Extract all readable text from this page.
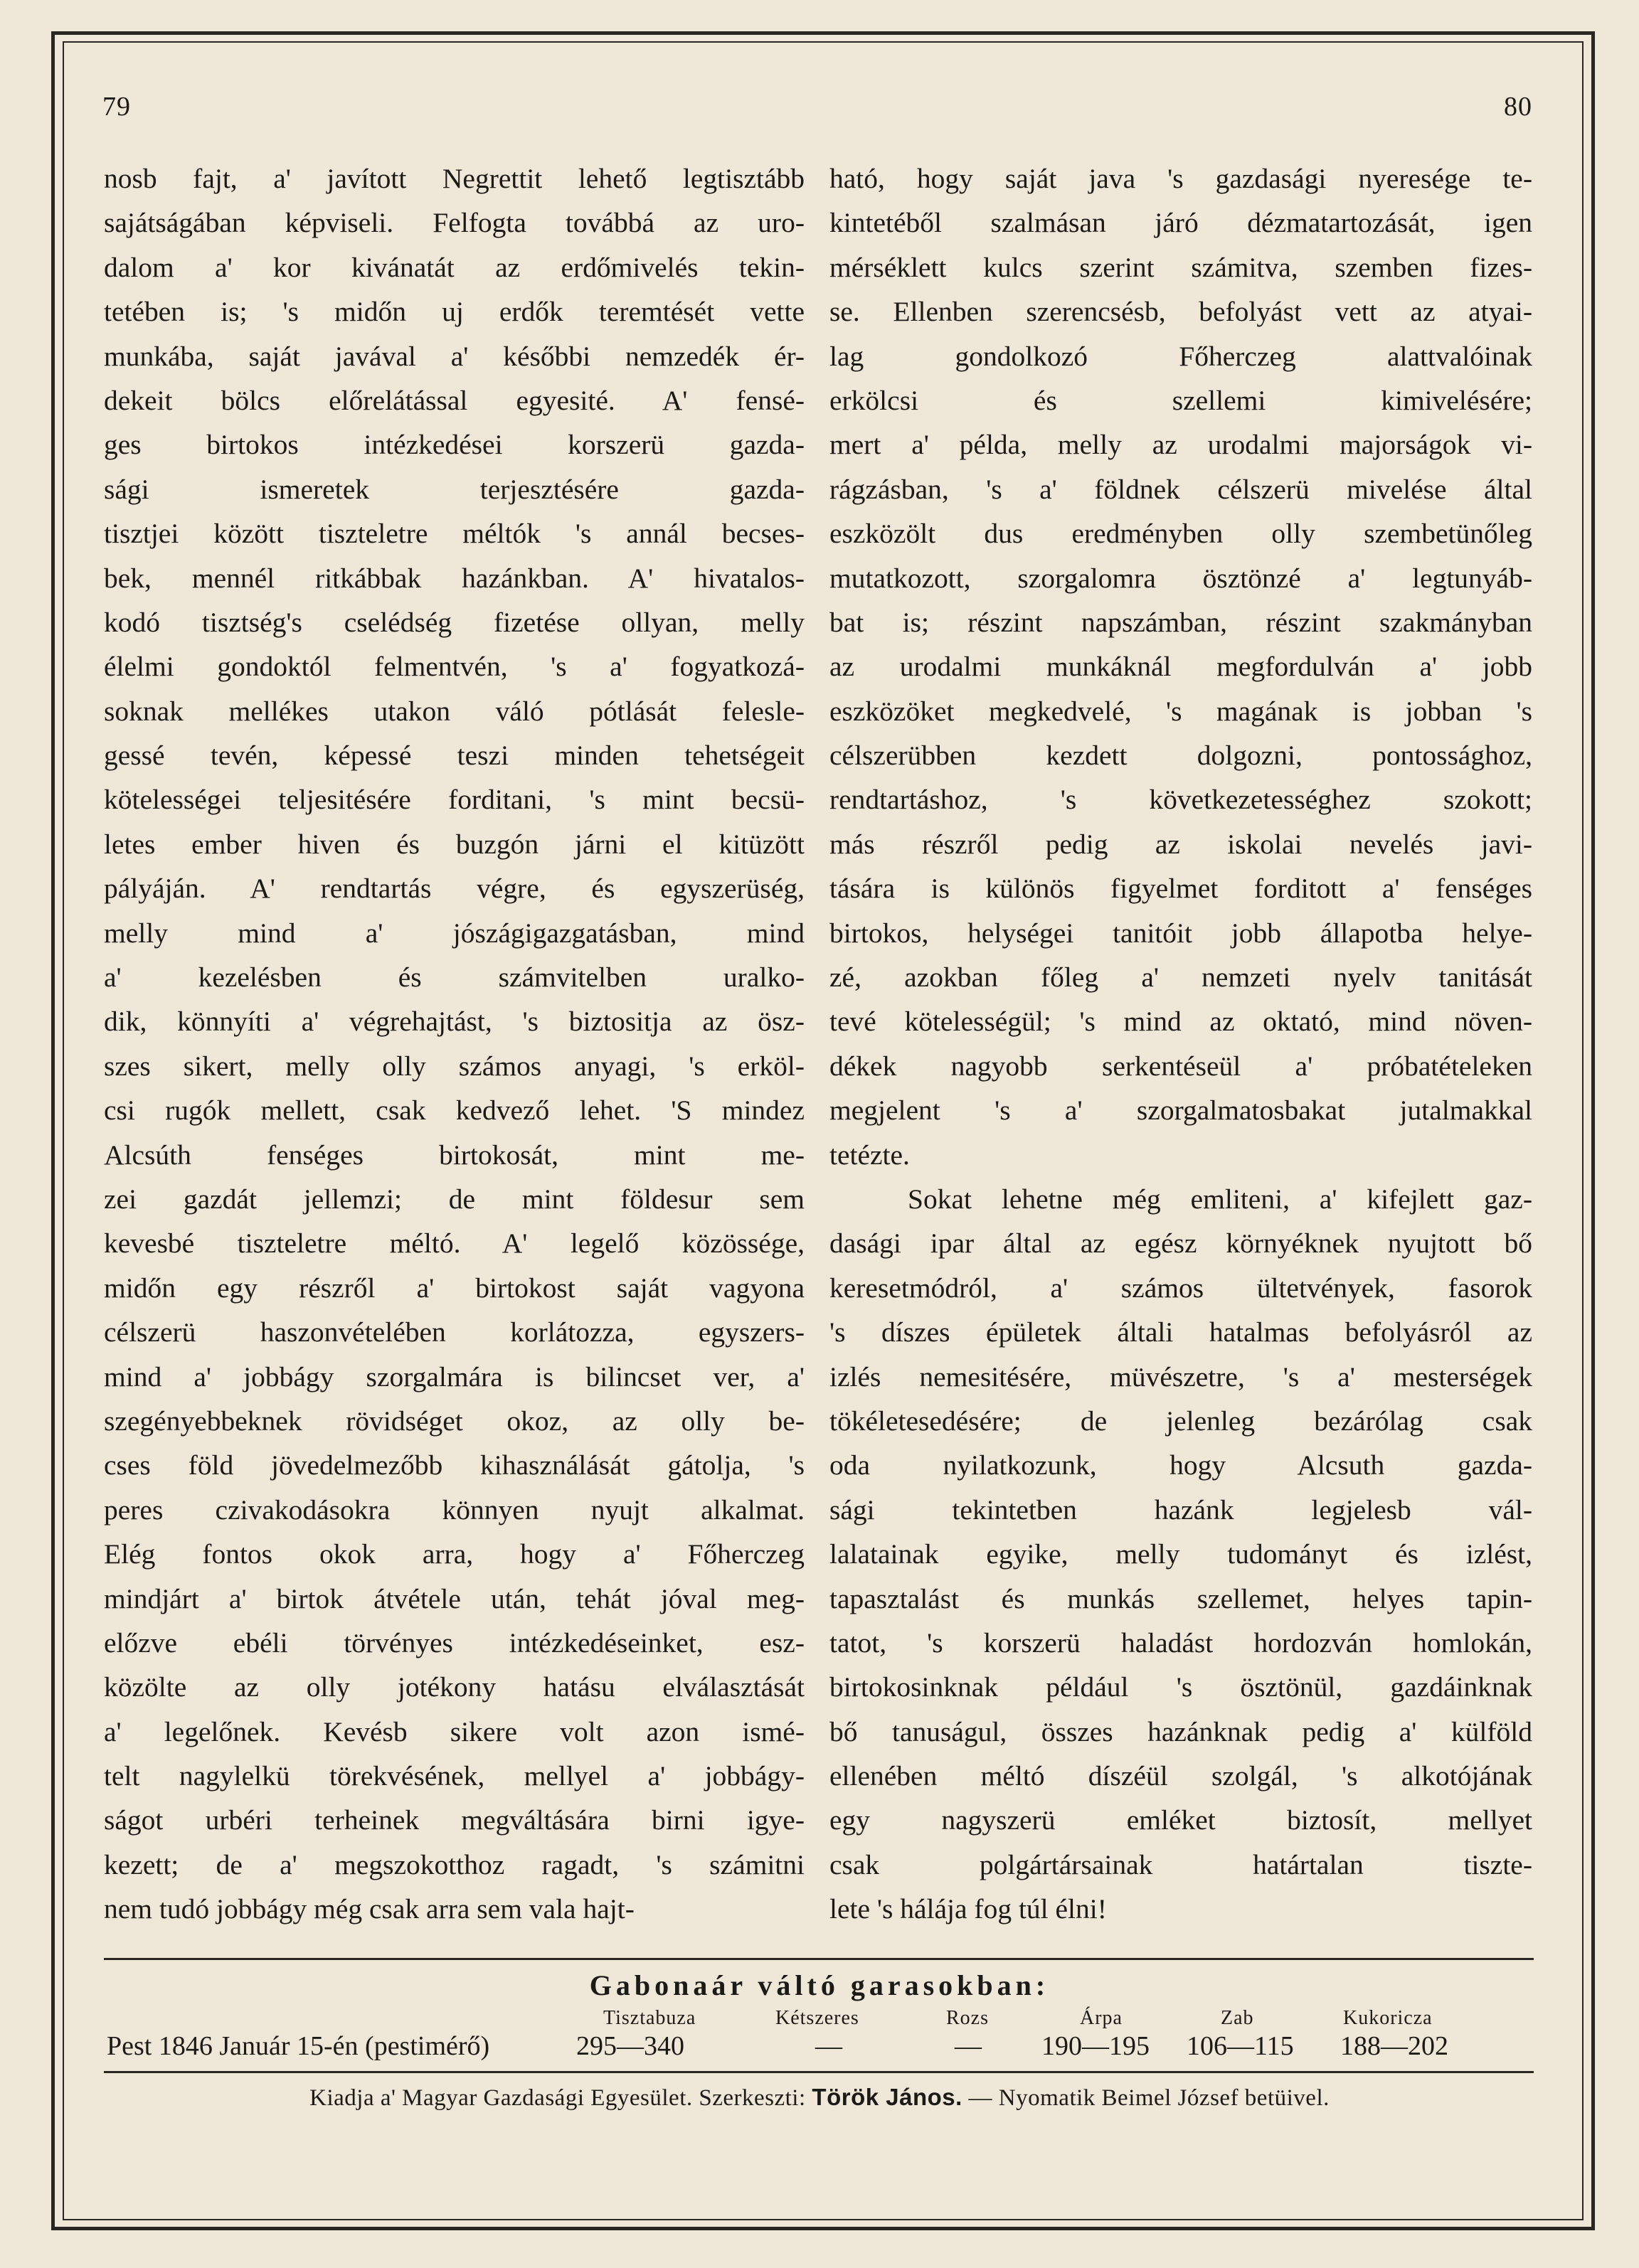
79	80
nosb fajt, a' javított Negrettit lehető legtisztább
sajátságában képviseli. Felfogta továbbá az uro-
dalom a' kor kivánatát az erdőmivelés tekin-
tetében is; 's midőn uj erdők teremtését vette
munkába, saját javával a' későbbi nemzedék ér-
dekeit bölcs előrelátással egyesité. A' fensé-
ges birtokos intézkedései korszerü gazda-
sági ismeretek terjesztésére gazda-
tisztjei között tiszteletre méltók 's annál becses-
bek, mennél ritkábbak hazánkban. A' hivatalos-
kodó tisztség's cselédség fizetése ollyan, melly
élelmi gondoktól felmentvén, 's a' fogyatkozá-
soknak mellékes utakon váló pótlását felesle-
gessé tevén, képessé teszi minden tehetségeit
kötelességei teljesitésére forditani, 's mint becsü-
letes ember hiven és buzgón járni el kitüzött
pályáján. A' rendtartás végre, és egyszerüség,
melly mind a' jószágigazgatásban, mind
a' kezelésben és számvitelben uralko-
dik, könnyíti a' végrehajtást, 's biztositja az ösz-
szes sikert, melly olly számos anyagi, 's erköl-
csi rugók mellett, csak kedvező lehet. 'S mindez
Alcsúth fenséges birtokosát, mint me-
zei gazdát jellemzi; de mint földesur sem
kevesbé tiszteletre méltó. A' legelő közössége,
midőn egy részről a' birtokost saját vagyona
célszerü haszonvételében korlátozza, egyszers-
mind a' jobbágy szorgalmára is bilincset ver, a'
szegényebbeknek rövidséget okoz, az olly be-
cses föld jövedelmezőbb kihasználását gátolja, 's
peres czivakodásokra könnyen nyujt alkalmat.
Elég fontos okok arra, hogy a' Főherczeg
mindjárt a' birtok átvétele után, tehát jóval meg-
előzve ebéli törvényes intézkedéseinket, esz-
közölte az olly jotékony hatásu elválasztását
a' legelőnek. Kevésb sikere volt azon ismé-
telt nagylelkü törekvésének, mellyel a' jobbágy-
ságot urbéri terheinek megváltására birni igye-
kezett; de a' megszokotthoz ragadt, 's számitni
nem tudó jobbágy még csak arra sem vala hajt-
ható, hogy saját java 's gazdasági nyeresége te-
kintetéből szalmásan járó dézmatartozását, igen
mérséklett kulcs szerint számitva, szemben fizes-
se. Ellenben szerencsésb, befolyást vett az atyai-
lag gondolkozó Főherczeg alattvalóinak
erkölcsi és szellemi kimivelésére;
mert a' példa, melly az urodalmi majorságok vi-
rágzásban, 's a' földnek célszerü mivelése által
eszközölt dus eredményben olly szembetünőleg
mutatkozott, szorgalomra ösztönzé a' legtunyáb-
bat is; részint napszámban, részint szakmányban
az urodalmi munkáknál megfordulván a' jobb
eszközöket megkedvelé, 's magának is jobban 's
célszerübben kezdett dolgozni, pontossághoz,
rendtartáshoz, 's következetességhez szokott;
más részről pedig az iskolai nevelés javi-
tására is különös figyelmet forditott a' fenséges
birtokos, helységei tanitóit jobb állapotba helye-
zé, azokban főleg a' nemzeti nyelv tanitását
tevé kötelességül; 's mind az oktató, mind növen-
dékek nagyobb serkentéseül a' próbatételeken
megjelent 's a' szorgalmatosbakat jutalmakkal
tetézte.
Sokat lehetne még emliteni, a' kifejlett gaz-
dasági ipar által az egész környéknek nyujtott bő
keresetmódról, a' számos ültetvények, fasorok
's díszes épületek általi hatalmas befolyásról az
izlés nemesitésére, müvészetre, 's a' mesterségek
tökéletesedésére; de jelenleg bezárólag csak
oda nyilatkozunk, hogy Alcsuth gazda-
sági tekintetben hazánk legjelesb vál-
lalatainak egyike, melly tudományt és izlést,
tapasztalást és munkás szellemet, helyes tapin-
tatot, 's korszerü haladást hordozván homlokán,
birtokosinknak például 's ösztönül, gazdáinknak
bő tanuságul, összes hazánknak pedig a' külföld
ellenében méltó díszéül szolgál, 's alkotójának
egy nagyszerü emléket biztosít, mellyet
csak polgártársainak határtalan tiszte-
lete 's hálája fog túl élni!
Gabonaár váltó garasokban:
Tisztabuza	Kétszeres	Rozs	Árpa	Zab	Kukoricza
Pest 1846 Január 15-én (pestimérő)	295—340	—	— 190—195 106—115 188—202
Kiadja a' Magyar Gazdasági Egyesület. Szerkeszti: Török János. — Nyomatik Beimel József betüivel.
